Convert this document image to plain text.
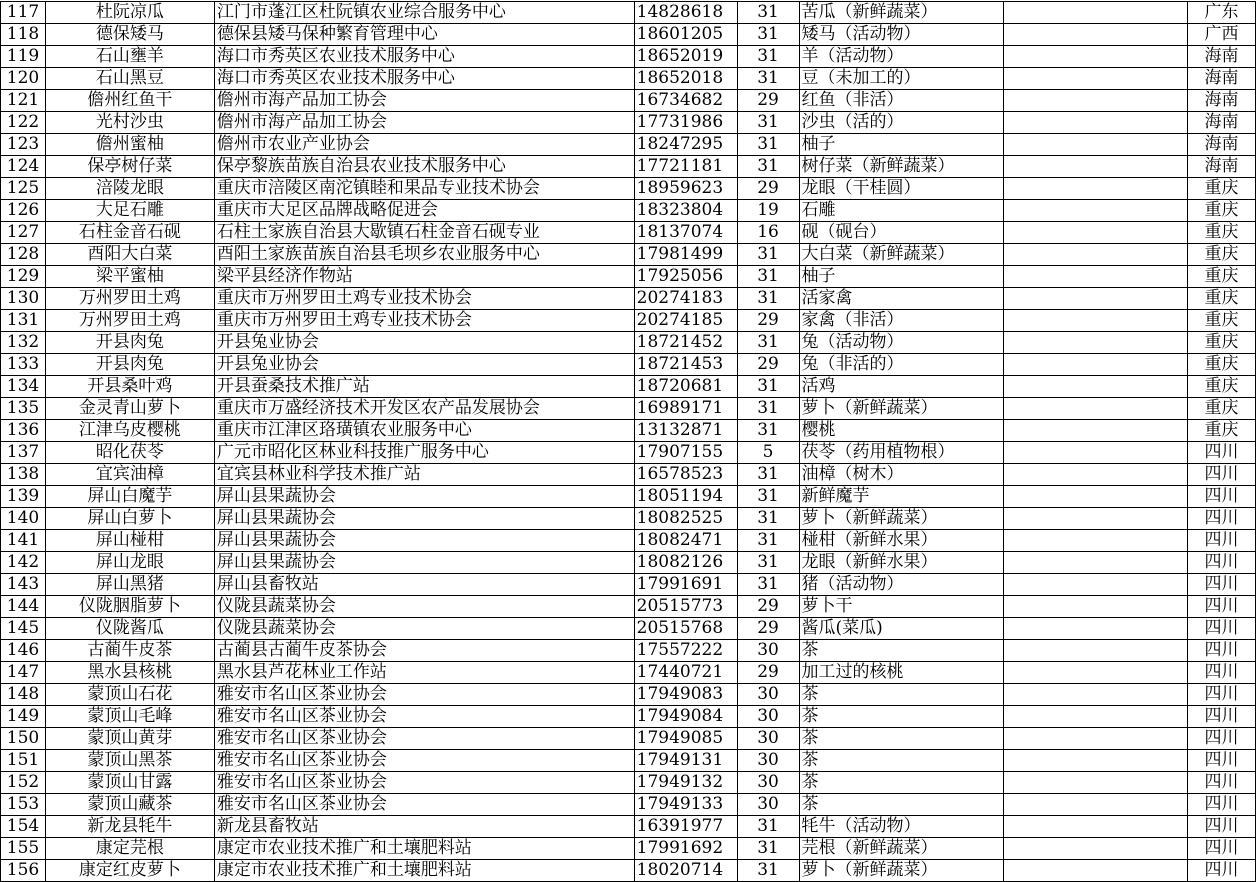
117	杜阮凉瓜	江门市蓬江区杜阮镇农业综合服务中心	14828618	31	苦瓜（新鲜蔬菜）		广东
118	德保矮马	德保县矮马保种繁育管理中心	18601205	31	矮马（活动物）		广西
119	石山壅羊	海口市秀英区农业技术服务中心	18652019	31	羊（活动物）		海南
120	石山黑豆	海口市秀英区农业技术服务中心	18652018	31	豆（未加工的）		海南
121	儋州红鱼干	儋州市海产品加工协会	16734682	29	红鱼（非活）		海南
122	光村沙虫	儋州市海产品加工协会	17731986	31	沙虫（活的）		海南
123	儋州蜜柚	儋州市农业产业协会	18247295	31	柚子		海南
124	保亭树仔菜	保亭黎族苗族自治县农业技术服务中心	17721181	31	树仔菜（新鲜蔬菜）		海南
125	涪陵龙眼	重庆市涪陵区南沱镇睦和果品专业技术协会	18959623	29	龙眼（干桂圆）		重庆
126	大足石雕	重庆市大足区品牌战略促进会	18323804	19	石雕		重庆
127	石柱金音石砚	石柱土家族自治县大歇镇石柱金音石砚专业	18137074	16	砚（砚台）		重庆
128	酉阳大白菜	酉阳土家族苗族自治县毛坝乡农业服务中心	17981499	31	大白菜（新鲜蔬菜）		重庆
129	梁平蜜柚	梁平县经济作物站	17925056	31	柚子		重庆
130	万州罗田土鸡	重庆市万州罗田土鸡专业技术协会	20274183	31	活家禽		重庆
131	万州罗田土鸡	重庆市万州罗田土鸡专业技术协会	20274185	29	家禽（非活）		重庆
132	开县肉兔	开县兔业协会	18721452	31	兔（活动物）		重庆
133	开县肉兔	开县兔业协会	18721453	29	兔（非活的）		重庆
134	开县桑叶鸡	开县蚕桑技术推广站	18720681	31	活鸡		重庆
135	金灵青山萝卜	重庆市万盛经济技术开发区农产品发展协会	16989171	31	萝卜（新鲜蔬菜）		重庆
136	江津乌皮樱桃	重庆市江津区珞璜镇农业服务中心	13132871	31	樱桃		重庆
137	昭化茯苓	广元市昭化区林业科技推广服务中心	17907155	5	茯苓（药用植物根）		四川
138	宜宾油樟	宜宾县林业科学技术推广站	16578523	31	油樟（树木）		四川
139	屏山白魔芋	屏山县果蔬协会	18051194	31	新鲜魔芋		四川
140	屏山白萝卜	屏山县果蔬协会	18082525	31	萝卜（新鲜蔬菜）		四川
141	屏山椪柑	屏山县果蔬协会	18082471	31	椪柑（新鲜水果）		四川
142	屏山龙眼	屏山县果蔬协会	18082126	31	龙眼（新鲜水果）		四川
143	屏山黑猪	屏山县畜牧站	17991691	31	猪（活动物）		四川
144	仪陇胭脂萝卜	仪陇县蔬菜协会	20515773	29	萝卜干		四川
145	仪陇酱瓜	仪陇县蔬菜协会	20515768	29	酱瓜(菜瓜)		四川
146	古蔺牛皮茶	古蔺县古蔺牛皮茶协会	17557222	30	茶		四川
147	黑水县核桃	黑水县芦花林业工作站	17440721	29	加工过的核桃		四川
148	蒙顶山石花	雅安市名山区茶业协会	17949083	30	茶		四川
149	蒙顶山毛峰	雅安市名山区茶业协会	17949084	30	茶		四川
150	蒙顶山黄芽	雅安市名山区茶业协会	17949085	30	茶		四川
151	蒙顶山黑茶	雅安市名山区茶业协会	17949131	30	茶		四川
152	蒙顶山甘露	雅安市名山区茶业协会	17949132	30	茶		四川
153	蒙顶山藏茶	雅安市名山区茶业协会	17949133	30	茶		四川
154	新龙县牦牛	新龙县畜牧站	16391977	31	牦牛（活动物）		四川
155	康定芫根	康定市农业技术推广和土壤肥料站	17991692	31	芫根（新鲜蔬菜）		四川
156	康定红皮萝卜	康定市农业技术推广和土壤肥料站	18020714	31	萝卜（新鲜蔬菜）		四川
